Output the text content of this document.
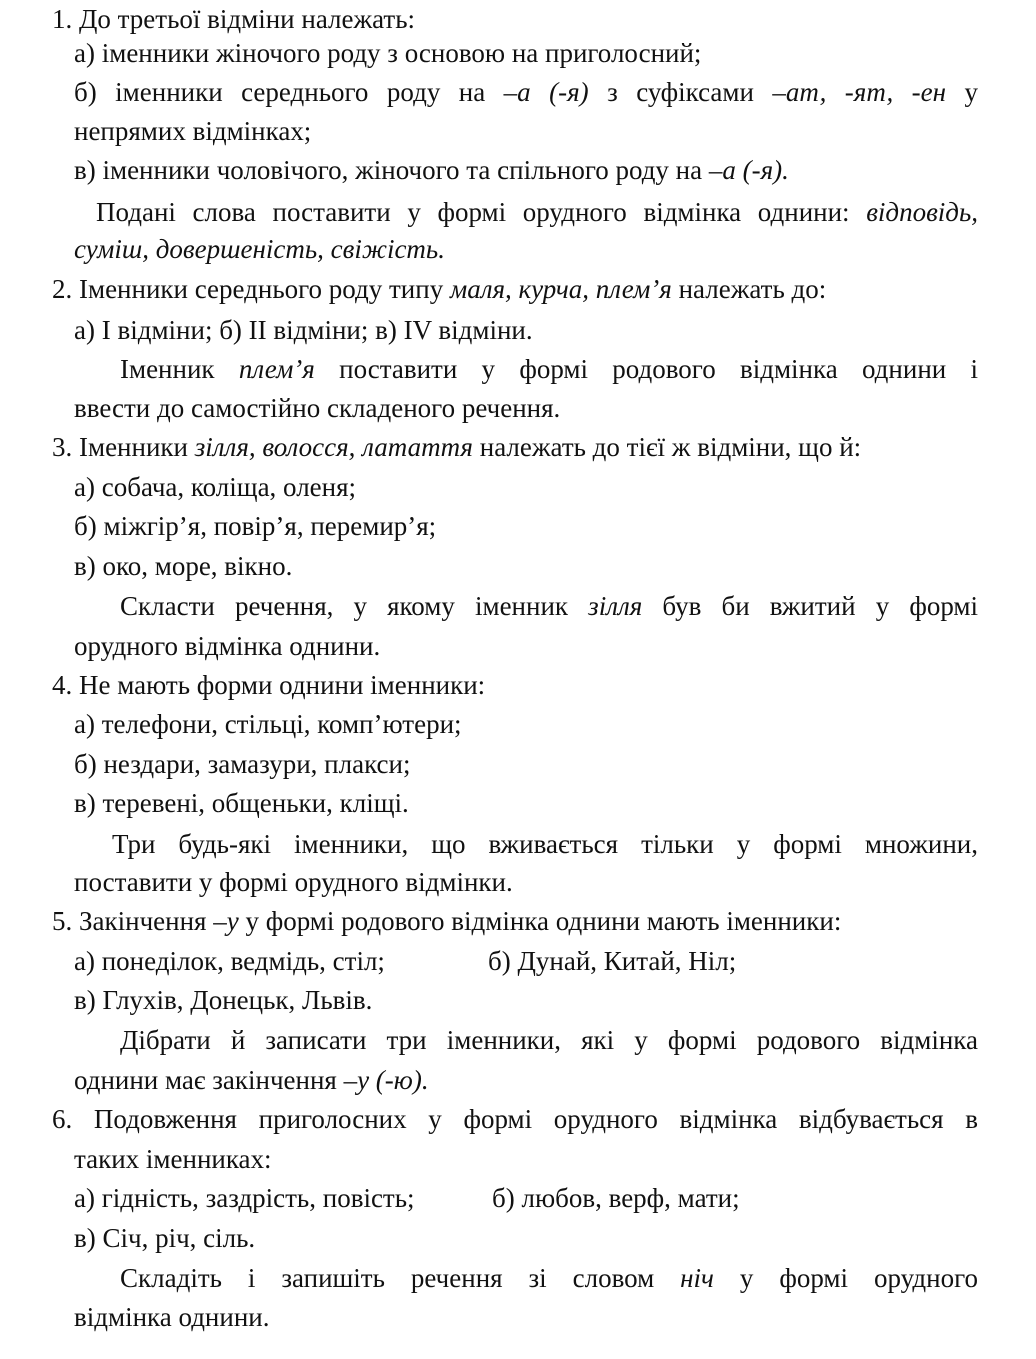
1. До третьої відміни належать:
а) іменники жіночого роду з основою на приголосний;
б) іменники середнього роду на –а (-я) з суфіксами –ат, -ят, -ен у
непрямих відмінках;
в) іменники чоловічого, жіночого та спільного роду на –а (-я).
Подані слова поставити у формі орудного відмінка однини: відповідь,
суміш, довершеність, свіжість.
2. Іменники середнього роду типу маля, курча, плем’я належать до:
а) І відміни; б) ІІ відміни; в) IV відміни.
Іменник плем’я поставити у формі родового відмінка однини і
ввести до самостійно складеного речення.
3. Іменники зілля, волосся, латаття належать до тієї ж відміни, що й:
а) собача, коліща, оленя;
б) міжгір’я, повір’я, перемир’я;
в) око, море, вікно.
Скласти речення, у якому іменник зілля був би вжитий у формі
орудного відмінка однини.
4. Не мають форми однини іменники:
а) телефони, стільці, комп’ютери;
б) нездари, замазури, плакси;
в) теревені, общеньки, кліщі.
Три будь-які іменники, що вживається тільки у формі множини,
поставити у формі орудного відмінки.
5. Закінчення –у у формі родового відмінка однини мають іменники:
а) понеділок, ведмідь, стіл;	б) Дунай, Китай, Ніл;
в) Глухів, Донецьк, Львів.
Дібрати й записати три іменники, які у формі родового відмінка
однини має закінчення –у (-ю).
6. Подовження приголосних у формі орудного відмінка відбувається в
таких іменниках:
а) гідність, заздрість, повість;	б) любов, верф, мати;
в) Січ, річ, сіль.
Складіть і запишіть речення зі словом ніч у формі орудного
відмінка однини.
